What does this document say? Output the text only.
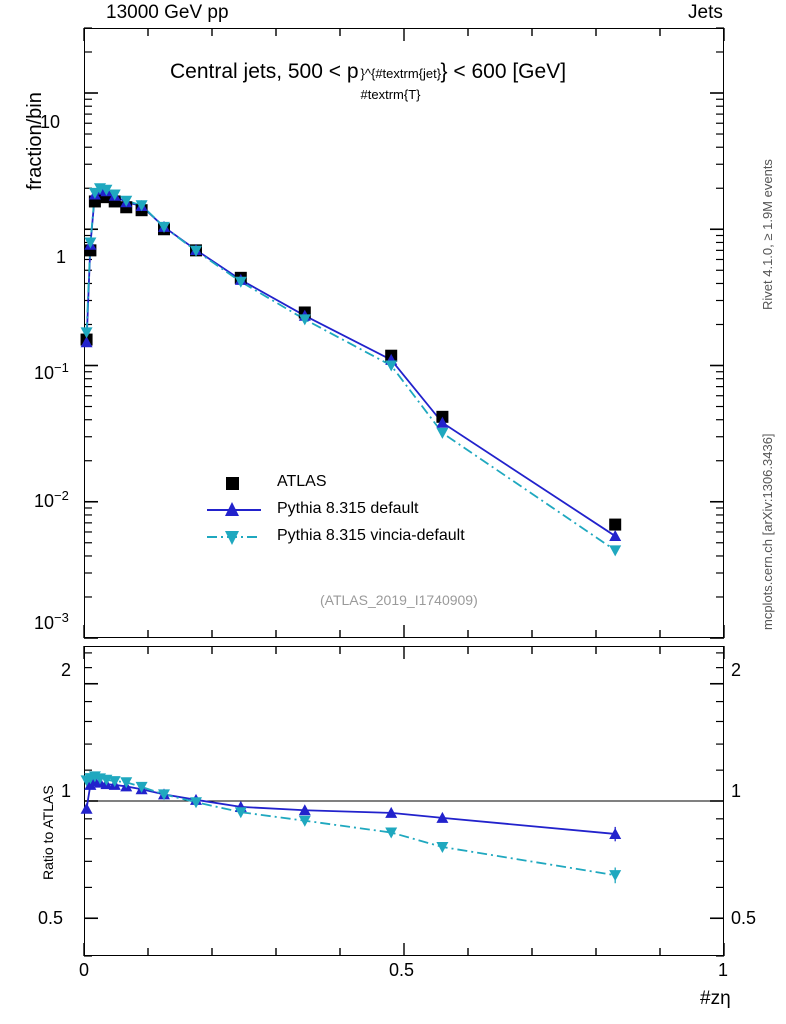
13000 GeV pp	Jets
Rivet 4.1.0, ≥ 1.9M events
mcplots.cern.ch [arXiv:1306.3436]
fraction/bin
Ratio to ATLAS
#zη
Central jets, 500 < p
#textrm{T}
}^{#textrm{jet} } < 600 [GeV]
10
1
$10^{-1}$
$10^{-2}$
$10^{-3}$
ATLAS
Pythia 8.315 default
Pythia 8.315 vincia-default
(ATLAS_2019_I1740909)
2
1
0.5
2
1
0.5
0	0.5	1
